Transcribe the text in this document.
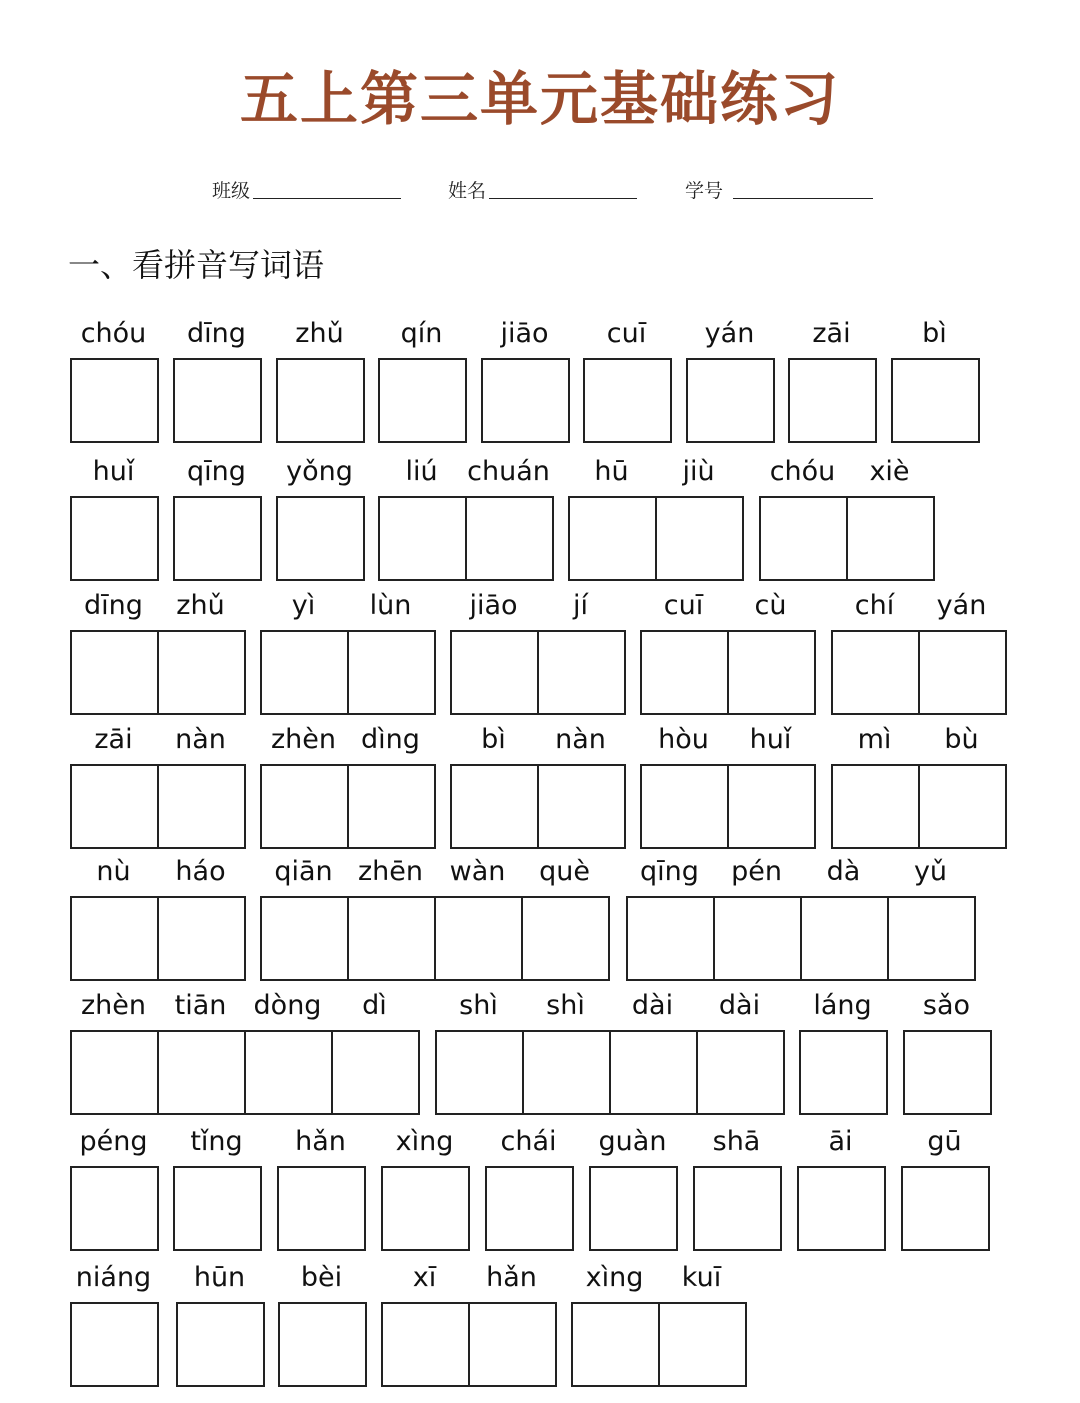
五上第三单元基础练习
班级	姓名	学号
一、看拼音写词语
chóu	dīng	zhǔ	qín	jiāo	cuī	yán	zāi	bì
huǐ	qīng	yǒng	liú	chuán	hū	jiù	chóu	xiè
dīng	zhǔ	yì	lùn	jiāo	jí	cuī	cù	chí	yán
zāi	nàn	zhèn dìng	bì	nàn	hòu	huǐ	mì	bù
nù	háo	qiān zhēn wàn	què	qīng	pén	dà	yǔ
zhèn	tiān	dòng	dì	shì	shì	dài	dài	láng	sǎo
péng	tǐng	hǎn	xìng	chái	guàn	shā	āi	gū
niáng	hūn	bèi	xī	hǎn	xìng	kuī
